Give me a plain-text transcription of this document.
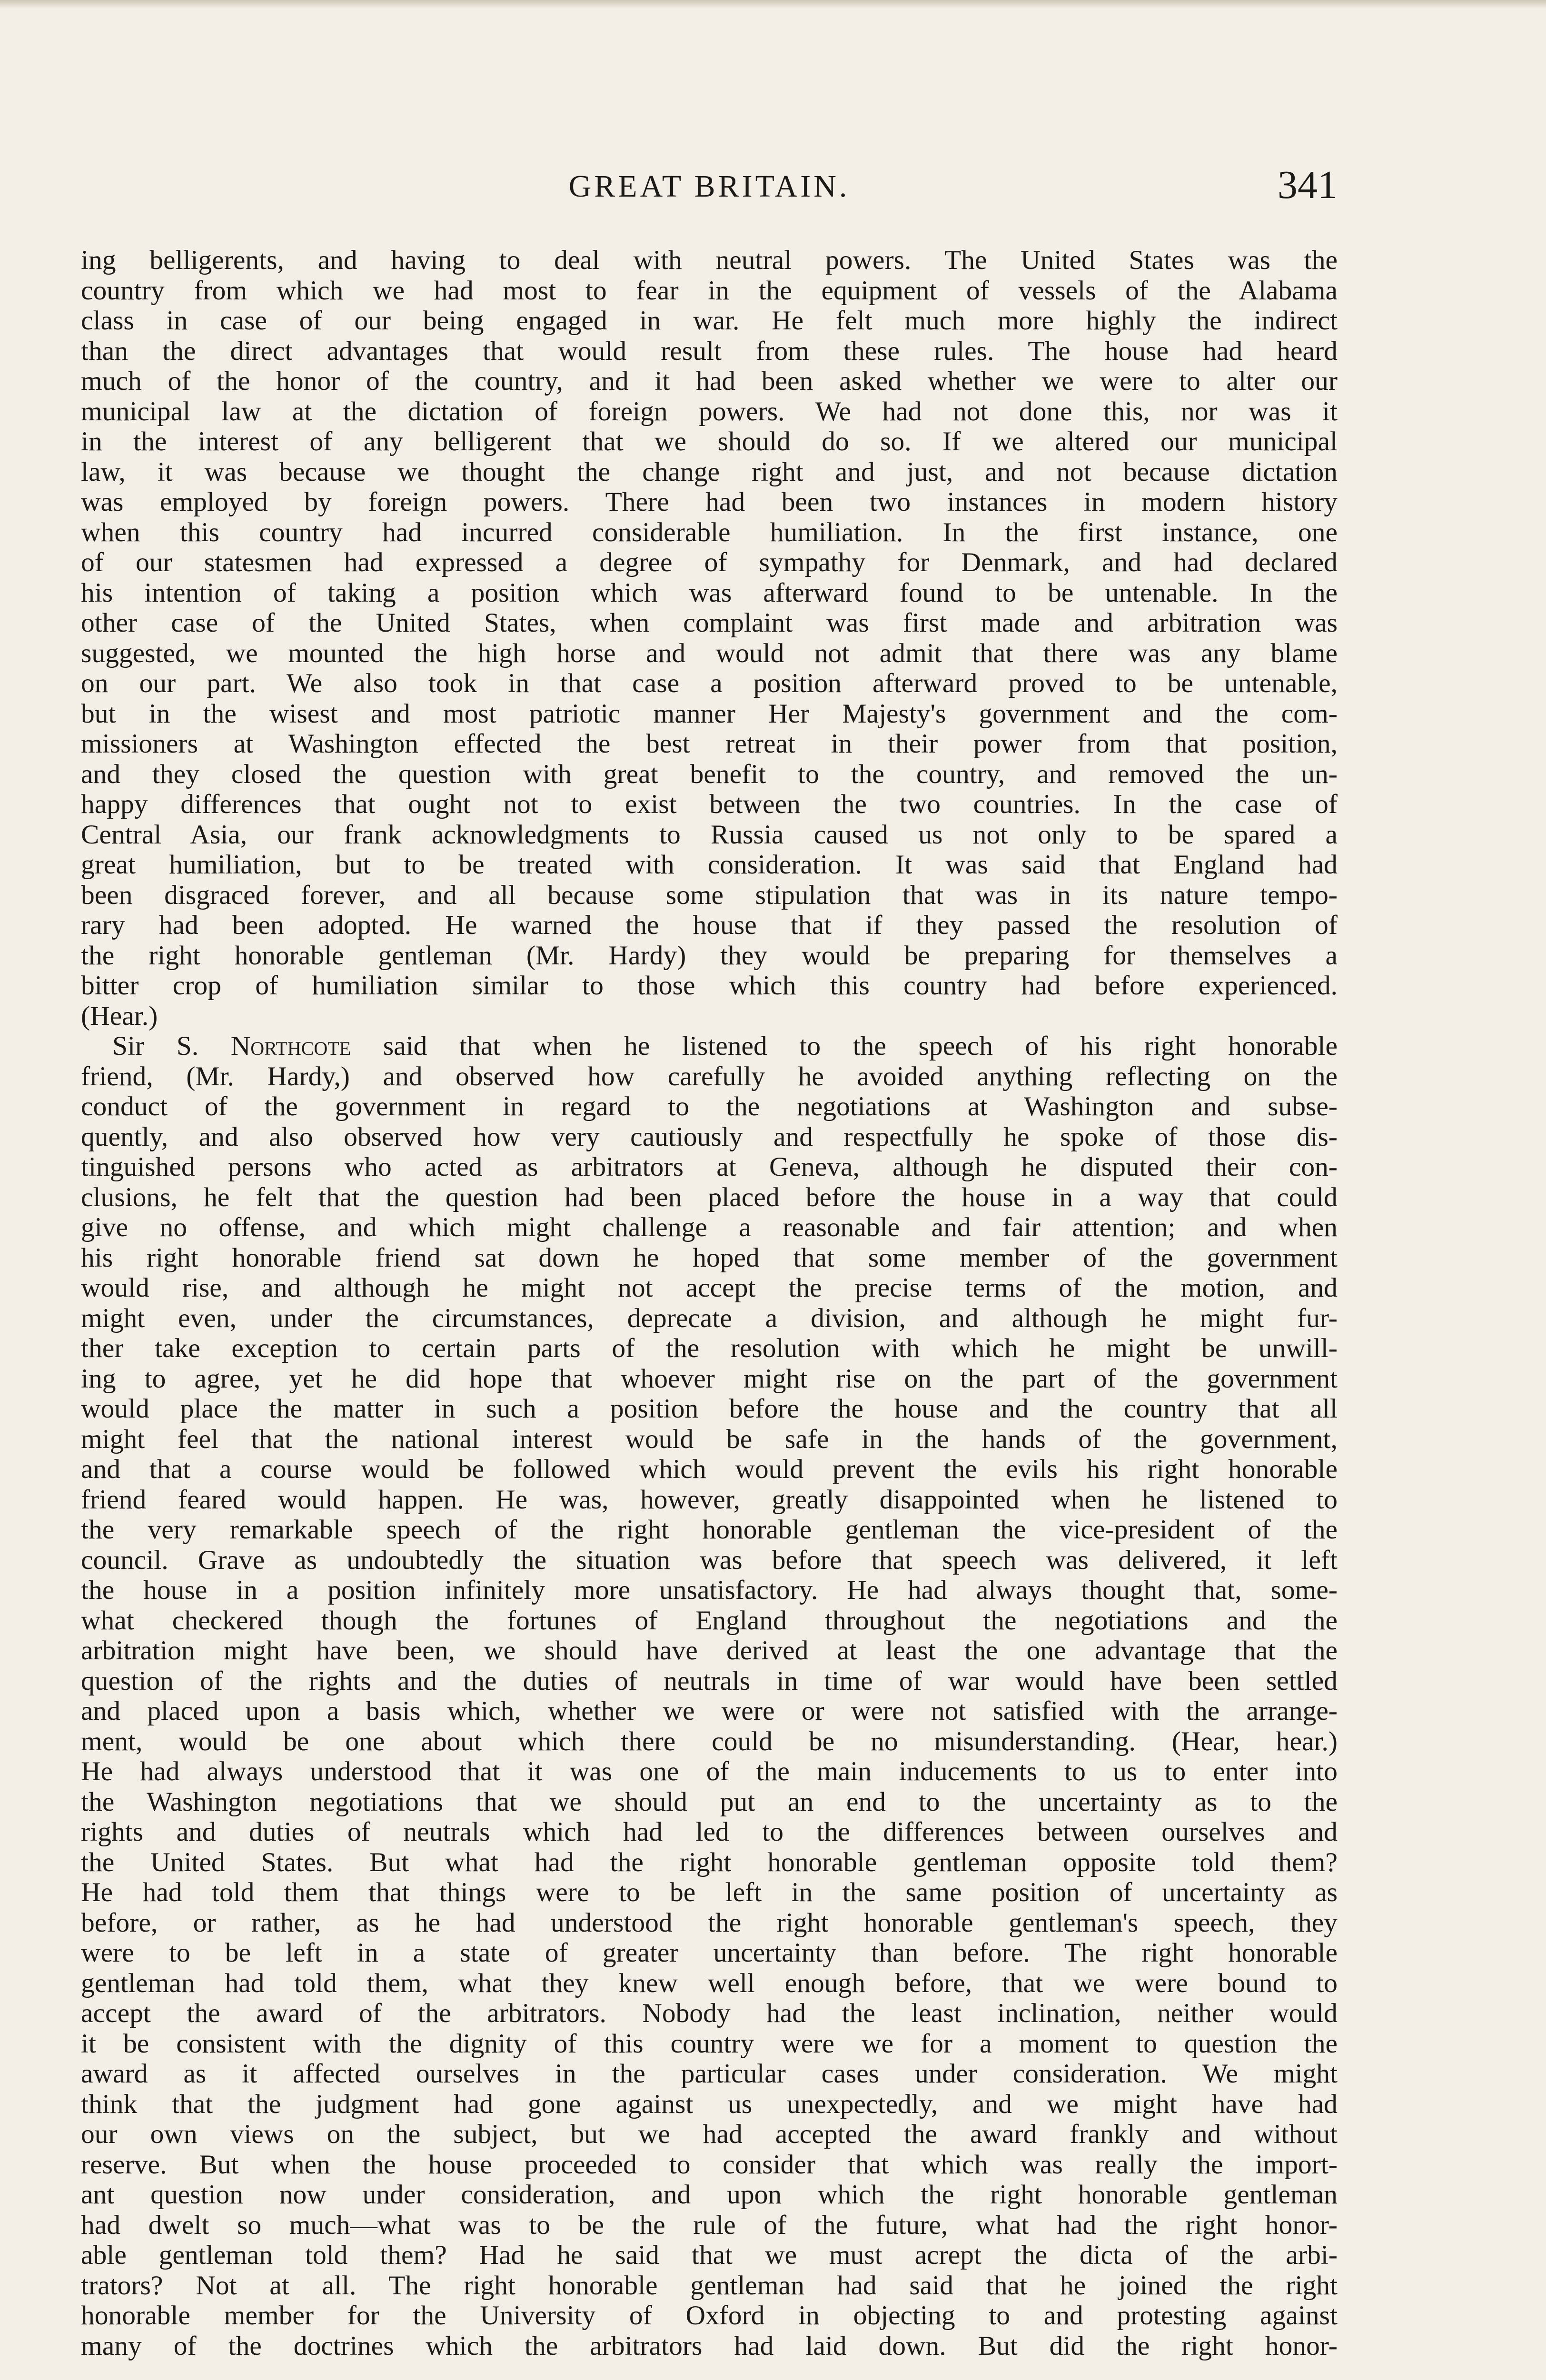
GREAT BRITAIN.	341

ing belligerents, and having to deal with neutral powers. The United States was the
country from which we had most to fear in the equipment of vessels of the Alabama
class in case of our being engaged in war. He felt much more highly the indirect
than the direct advantages that would result from these rules. The house had heard
much of the honor of the country, and it had been asked whether we were to alter our
municipal law at the dictation of foreign powers. We had not done this, nor was it
in the interest of any belligerent that we should do so. If we altered our municipal
law, it was because we thought the change right and just, and not because dictation
was employed by foreign powers. There had been two instances in modern history
when this country had incurred considerable humiliation. In the first instance, one
of our statesmen had expressed a degree of sympathy for Denmark, and had declared
his intention of taking a position which was afterward found to be untenable. In the
other case of the United States, when complaint was first made and arbitration was
suggested, we mounted the high horse and would not admit that there was any blame
on our part. We also took in that case a position afterward proved to be untenable,
but in the wisest and most patriotic manner Her Majesty's government and the com-
missioners at Washington effected the best retreat in their power from that position,
and they closed the question with great benefit to the country, and removed the un-
happy differences that ought not to exist between the two countries. In the case of
Central Asia, our frank acknowledgments to Russia caused us not only to be spared a
great humiliation, but to be treated with consideration. It was said that England had
been disgraced forever, and all because some stipulation that was in its nature tempo-
rary had been adopted. He warned the house that if they passed the resolution of
the right honorable gentleman (Mr. Hardy) they would be preparing for themselves a
bitter crop of humiliation similar to those which this country had before experienced.
(Hear.)

Sir S. Northcote said that when he listened to the speech of his right honorable
friend, (Mr. Hardy,) and observed how carefully he avoided anything reflecting on the
conduct of the government in regard to the negotiations at Washington and subse-
quently, and also observed how very cautiously and respectfully he spoke of those dis-
tinguished persons who acted as arbitrators at Geneva, although he disputed their con-
clusions, he felt that the question had been placed before the house in a way that could
give no offense, and which might challenge a reasonable and fair attention; and when
his right honorable friend sat down he hoped that some member of the government
would rise, and although he might not accept the precise terms of the motion, and
might even, under the circumstances, deprecate a division, and although he might fur-
ther take exception to certain parts of the resolution with which he might be unwill-
ing to agree, yet he did hope that whoever might rise on the part of the government
would place the matter in such a position before the house and the country that all
might feel that the national interest would be safe in the hands of the government,
and that a course would be followed which would prevent the evils his right honorable
friend feared would happen. He was, however, greatly disappointed when he listened to
the very remarkable speech of the right honorable gentleman the vice-president of the
council. Grave as undoubtedly the situation was before that speech was delivered, it left
the house in a position infinitely more unsatisfactory. He had always thought that, some-
what checkered though the fortunes of England throughout the negotiations and the
arbitration might have been, we should have derived at least the one advantage that the
question of the rights and the duties of neutrals in time of war would have been settled
and placed upon a basis which, whether we were or were not satisfied with the arrange-
ment, would be one about which there could be no misunderstanding. (Hear, hear.)
He had always understood that it was one of the main inducements to us to enter into
the Washington negotiations that we should put an end to the uncertainty as to the
rights and duties of neutrals which had led to the differences between ourselves and
the United States. But what had the right honorable gentleman opposite told them?
He had told them that things were to be left in the same position of uncertainty as
before, or rather, as he had understood the right honorable gentleman's speech, they
were to be left in a state of greater uncertainty than before. The right honorable
gentleman had told them, what they knew well enough before, that we were bound to
accept the award of the arbitrators. Nobody had the least inclination, neither would
it be consistent with the dignity of this country were we for a moment to question the
award as it affected ourselves in the particular cases under consideration. We might
think that the judgment had gone against us unexpectedly, and we might have had
our own views on the subject, but we had accepted the award frankly and without
reserve. But when the house proceeded to consider that which was really the import-
ant question now under consideration, and upon which the right honorable gentleman
had dwelt so much—what was to be the rule of the future, what had the right honor-
able gentleman told them? Had he said that we must acrept the dicta of the arbi-
trators? Not at all. The right honorable gentleman had said that he joined the right
honorable member for the University of Oxford in objecting to and protesting against
many of the doctrines which the arbitrators had laid down. But did the right honor-
